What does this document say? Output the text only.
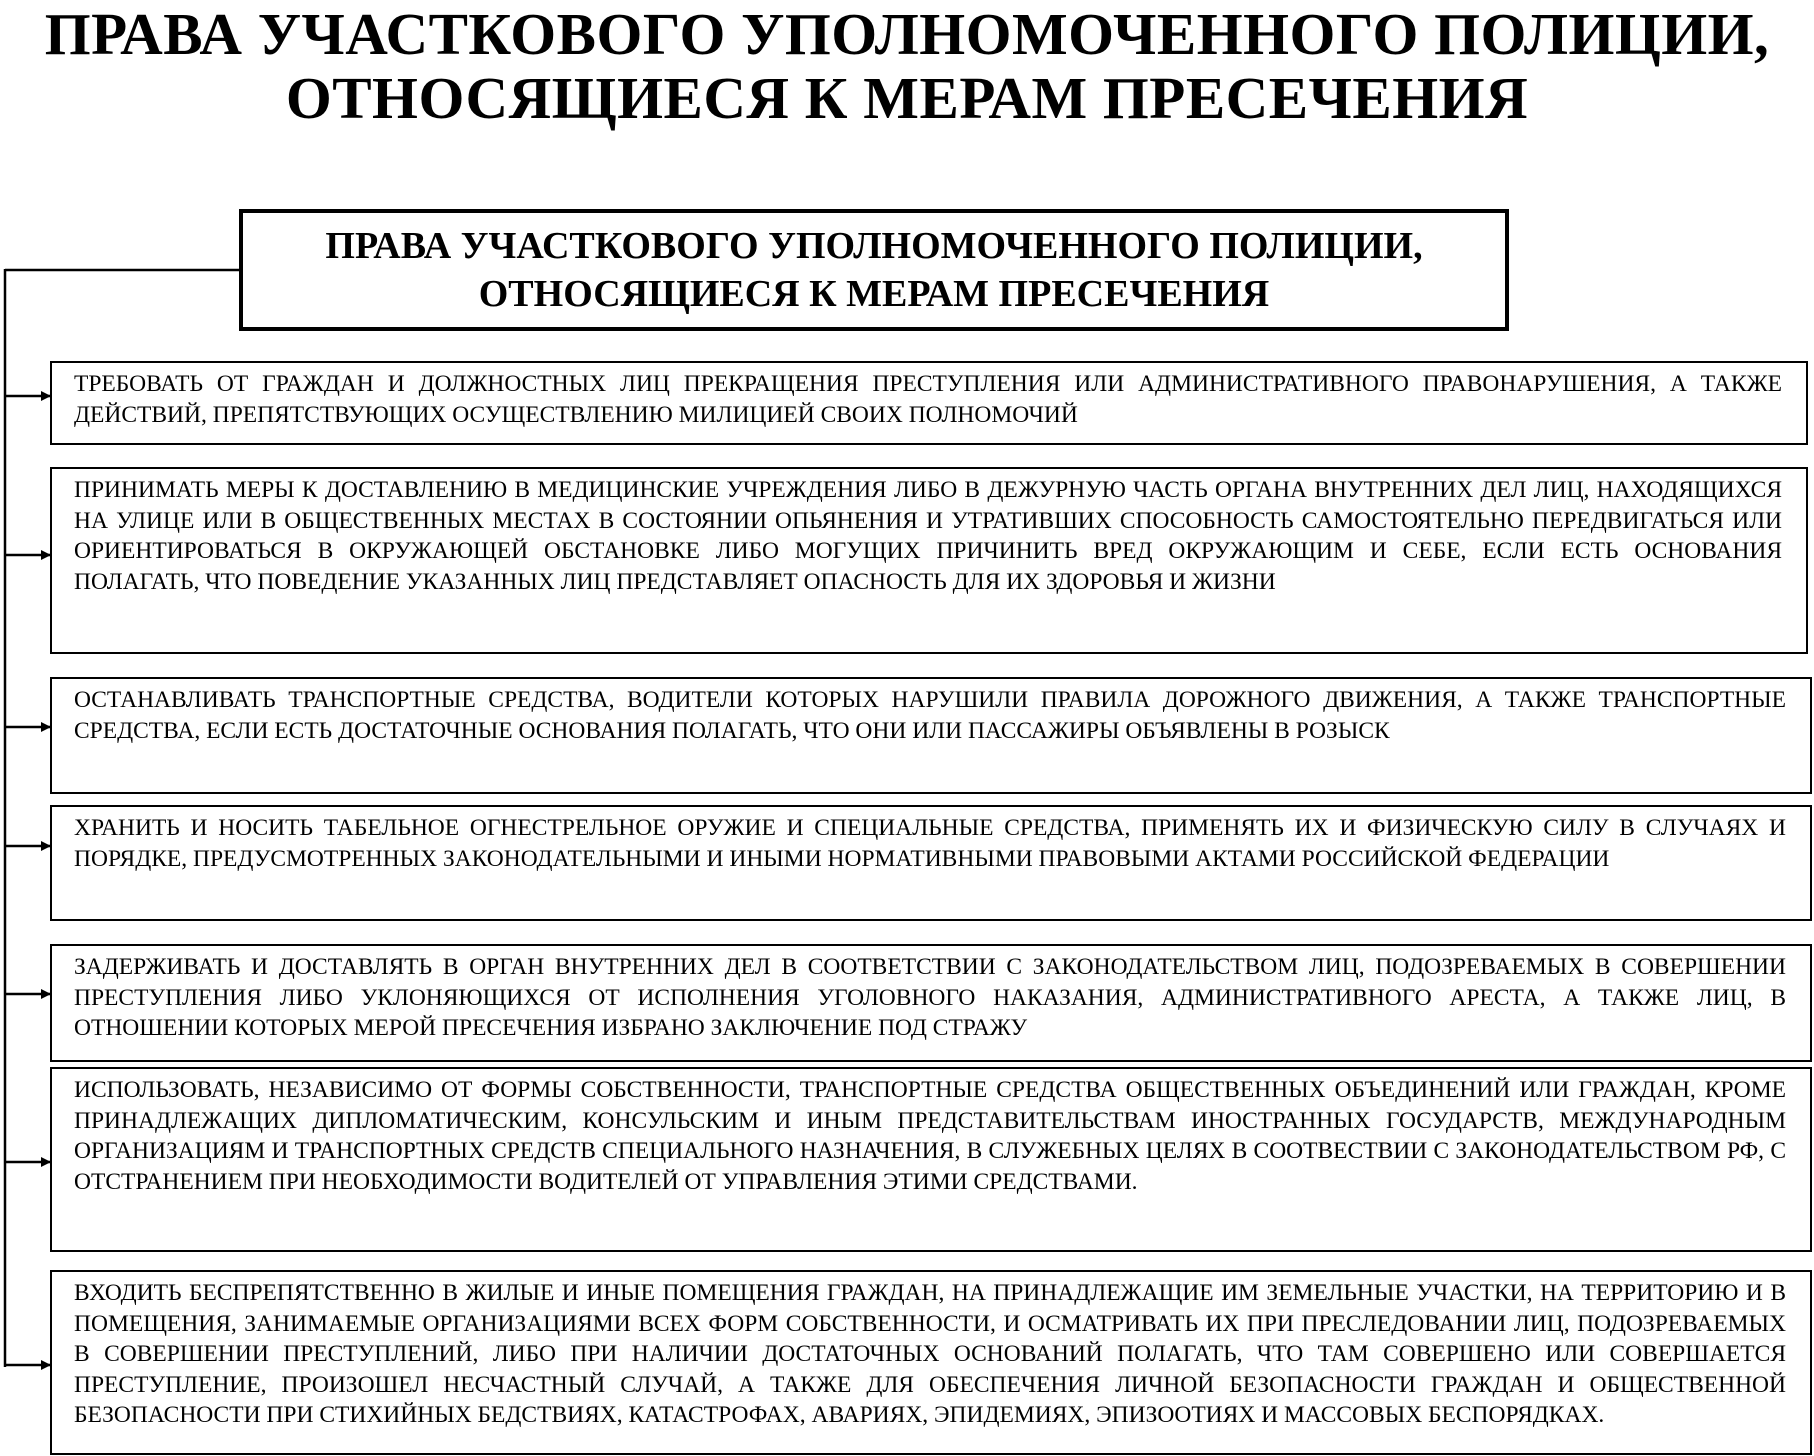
ПРАВА УЧАСТКОВОГО УПОЛНОМОЧЕННОГО ПОЛИЦИИ,
ОТНОСЯЩИЕСЯ К МЕРАМ ПРЕСЕЧЕНИЯ
ПРАВА УЧАСТКОВОГО УПОЛНОМОЧЕННОГО ПОЛИЦИИ,
ОТНОСЯЩИЕСЯ К МЕРАМ ПРЕСЕЧЕНИЯ
ТРЕБОВАТЬ ОТ ГРАЖДАН И ДОЛЖНОСТНЫХ ЛИЦ ПРЕКРАЩЕНИЯ ПРЕСТУПЛЕНИЯ ИЛИ АДМИНИСТРАТИВНОГО ПРАВОНАРУШЕНИЯ, А ТАКЖЕ ДЕЙСТВИЙ, ПРЕПЯТСТВУЮЩИХ ОСУЩЕСТВЛЕНИЮ МИЛИЦИЕЙ СВОИХ ПОЛНОМОЧИЙ
ПРИНИМАТЬ МЕРЫ К ДОСТАВЛЕНИЮ В МЕДИЦИНСКИЕ УЧРЕЖДЕНИЯ ЛИБО В ДЕЖУРНУЮ ЧАСТЬ ОРГАНА ВНУТРЕННИХ ДЕЛ ЛИЦ, НАХОДЯЩИХСЯ НА УЛИЦЕ ИЛИ В ОБЩЕСТВЕННЫХ МЕСТАХ В СОСТОЯНИИ ОПЬЯНЕНИЯ И УТРАТИВШИХ СПОСОБНОСТЬ САМОСТОЯТЕЛЬНО ПЕРЕДВИГАТЬСЯ ИЛИ ОРИЕНТИРОВАТЬСЯ В ОКРУЖАЮЩЕЙ ОБСТАНОВКЕ ЛИБО МОГУЩИХ ПРИЧИНИТЬ ВРЕД ОКРУЖАЮЩИМ И СЕБЕ, ЕСЛИ ЕСТЬ ОСНОВАНИЯ ПОЛАГАТЬ, ЧТО ПОВЕДЕНИЕ УКАЗАННЫХ ЛИЦ ПРЕДСТАВЛЯЕТ ОПАСНОСТЬ ДЛЯ ИХ ЗДОРОВЬЯ И ЖИЗНИ
ОСТАНАВЛИВАТЬ ТРАНСПОРТНЫЕ СРЕДСТВА, ВОДИТЕЛИ КОТОРЫХ НАРУШИЛИ ПРАВИЛА ДОРОЖНОГО ДВИЖЕНИЯ, А ТАКЖЕ ТРАНСПОРТНЫЕ СРЕДСТВА, ЕСЛИ ЕСТЬ ДОСТАТОЧНЫЕ ОСНОВАНИЯ ПОЛАГАТЬ, ЧТО ОНИ ИЛИ ПАССАЖИРЫ ОБЪЯВЛЕНЫ В РОЗЫСК
ХРАНИТЬ И НОСИТЬ ТАБЕЛЬНОЕ ОГНЕСТРЕЛЬНОЕ ОРУЖИЕ И СПЕЦИАЛЬНЫЕ СРЕДСТВА, ПРИМЕНЯТЬ ИХ И ФИЗИЧЕСКУЮ СИЛУ В СЛУЧАЯХ И ПОРЯДКЕ, ПРЕДУСМОТРЕННЫХ ЗАКОНОДАТЕЛЬНЫМИ И ИНЫМИ НОРМАТИВНЫМИ ПРАВОВЫМИ АКТАМИ РОССИЙСКОЙ ФЕДЕРАЦИИ
ЗАДЕРЖИВАТЬ И ДОСТАВЛЯТЬ В ОРГАН ВНУТРЕННИХ ДЕЛ В СООТВЕТСТВИИ С ЗАКОНОДАТЕЛЬСТВОМ ЛИЦ, ПОДОЗРЕВАЕМЫХ В СОВЕРШЕНИИ ПРЕСТУПЛЕНИЯ ЛИБО УКЛОНЯЮЩИХСЯ ОТ ИСПОЛНЕНИЯ УГОЛОВНОГО НАКАЗАНИЯ, АДМИНИСТРАТИВНОГО АРЕСТА, А ТАКЖЕ ЛИЦ, В ОТНОШЕНИИ КОТОРЫХ МЕРОЙ ПРЕСЕЧЕНИЯ ИЗБРАНО ЗАКЛЮЧЕНИЕ ПОД СТРАЖУ
ИСПОЛЬЗОВАТЬ, НЕЗАВИСИМО ОТ ФОРМЫ СОБСТВЕННОСТИ, ТРАНСПОРТНЫЕ СРЕДСТВА ОБЩЕСТВЕННЫХ ОБЪЕДИНЕНИЙ ИЛИ ГРАЖДАН, КРОМЕ ПРИНАДЛЕЖАЩИХ ДИПЛОМАТИЧЕСКИМ, КОНСУЛЬСКИМ И ИНЫМ ПРЕДСТАВИТЕЛЬСТВАМ ИНОСТРАННЫХ ГОСУДАРСТВ, МЕЖДУНАРОДНЫМ ОРГАНИЗАЦИЯМ И ТРАНСПОРТНЫХ СРЕДСТВ СПЕЦИАЛЬНОГО НАЗНАЧЕНИЯ, В СЛУЖЕБНЫХ ЦЕЛЯХ В СООТВЕСТВИИ С ЗАКОНОДАТЕЛЬСТВОМ РФ, С ОТСТРАНЕНИЕМ ПРИ НЕОБХОДИМОСТИ ВОДИТЕЛЕЙ ОТ УПРАВЛЕНИЯ ЭТИМИ СРЕДСТВАМИ.
ВХОДИТЬ БЕСПРЕПЯТСТВЕННО В ЖИЛЫЕ И ИНЫЕ ПОМЕЩЕНИЯ ГРАЖДАН, НА ПРИНАДЛЕЖАЩИЕ ИМ ЗЕМЕЛЬНЫЕ УЧАСТКИ, НА ТЕРРИТОРИЮ И В ПОМЕЩЕНИЯ, ЗАНИМАЕМЫЕ ОРГАНИЗАЦИЯМИ ВСЕХ ФОРМ СОБСТВЕННОСТИ, И ОСМАТРИВАТЬ ИХ ПРИ ПРЕСЛЕДОВАНИИ ЛИЦ, ПОДОЗРЕВАЕМЫХ В СОВЕРШЕНИИ ПРЕСТУПЛЕНИЙ, ЛИБО ПРИ НАЛИЧИИ ДОСТАТОЧНЫХ ОСНОВАНИЙ ПОЛАГАТЬ, ЧТО ТАМ СОВЕРШЕНО ИЛИ СОВЕРШАЕТСЯ ПРЕСТУПЛЕНИЕ, ПРОИЗОШЕЛ НЕСЧАСТНЫЙ СЛУЧАЙ, А ТАКЖЕ ДЛЯ ОБЕСПЕЧЕНИЯ ЛИЧНОЙ БЕЗОПАСНОСТИ ГРАЖДАН И ОБЩЕСТВЕННОЙ БЕЗОПАСНОСТИ ПРИ СТИХИЙНЫХ БЕДСТВИЯХ, КАТАСТРОФАХ, АВАРИЯХ, ЭПИДЕМИЯХ, ЭПИЗООТИЯХ И МАССОВЫХ БЕСПОРЯДКАХ.
